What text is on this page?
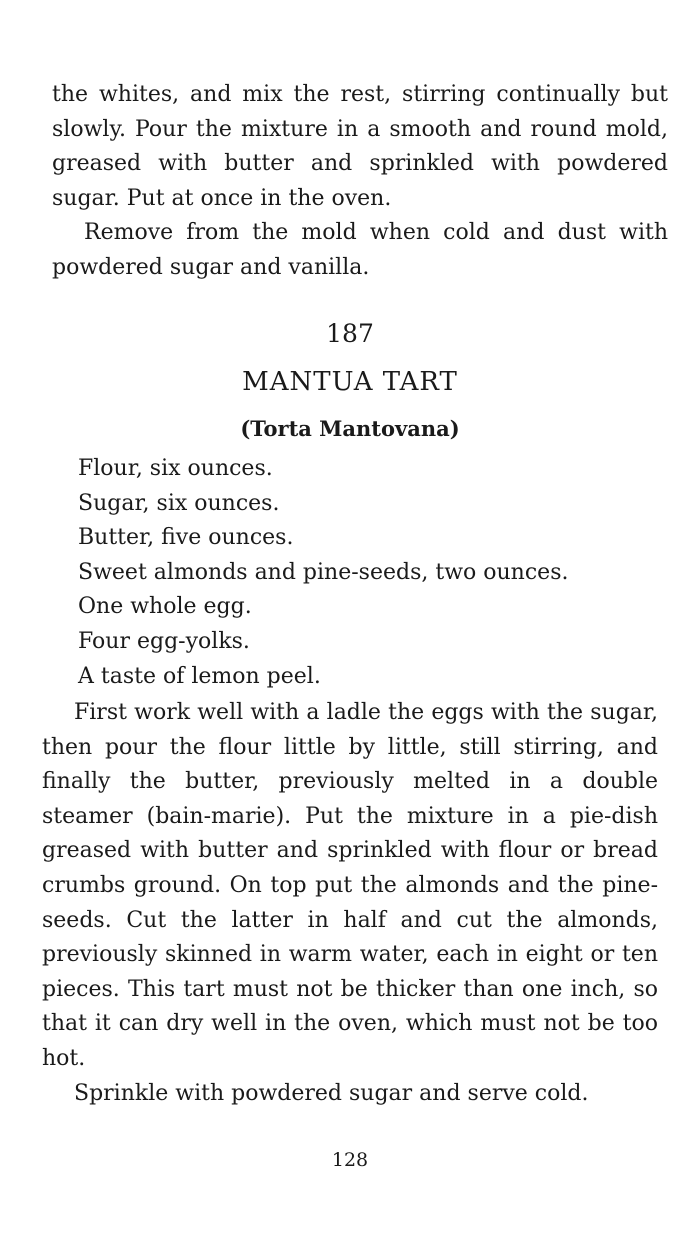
the whites, and mix the rest, stirring continually but slowly. Pour the mixture in a smooth and round mold, greased with butter and sprinkled with powdered sugar. Put at once in the oven.

Remove from the mold when cold and dust with powdered sugar and vanilla.

187
MANTUA TART
(Torta Mantovana)
Flour, six ounces.
Sugar, six ounces.
Butter, five ounces.
Sweet almonds and pine-seeds, two ounces.
One whole egg.
Four egg-yolks.
A taste of lemon peel.

First work well with a ladle the eggs with the sugar, then pour the flour little by little, still stirring, and finally the butter, previously melted in a double steamer (bain-marie). Put the mixture in a pie-dish greased with butter and sprinkled with flour or bread crumbs ground. On top put the almonds and the pine-seeds. Cut the latter in half and cut the almonds, previously skinned in warm water, each in eight or ten pieces. This tart must not be thicker than one inch, so that it can dry well in the oven, which must not be too hot.

Sprinkle with powdered sugar and serve cold.

128
